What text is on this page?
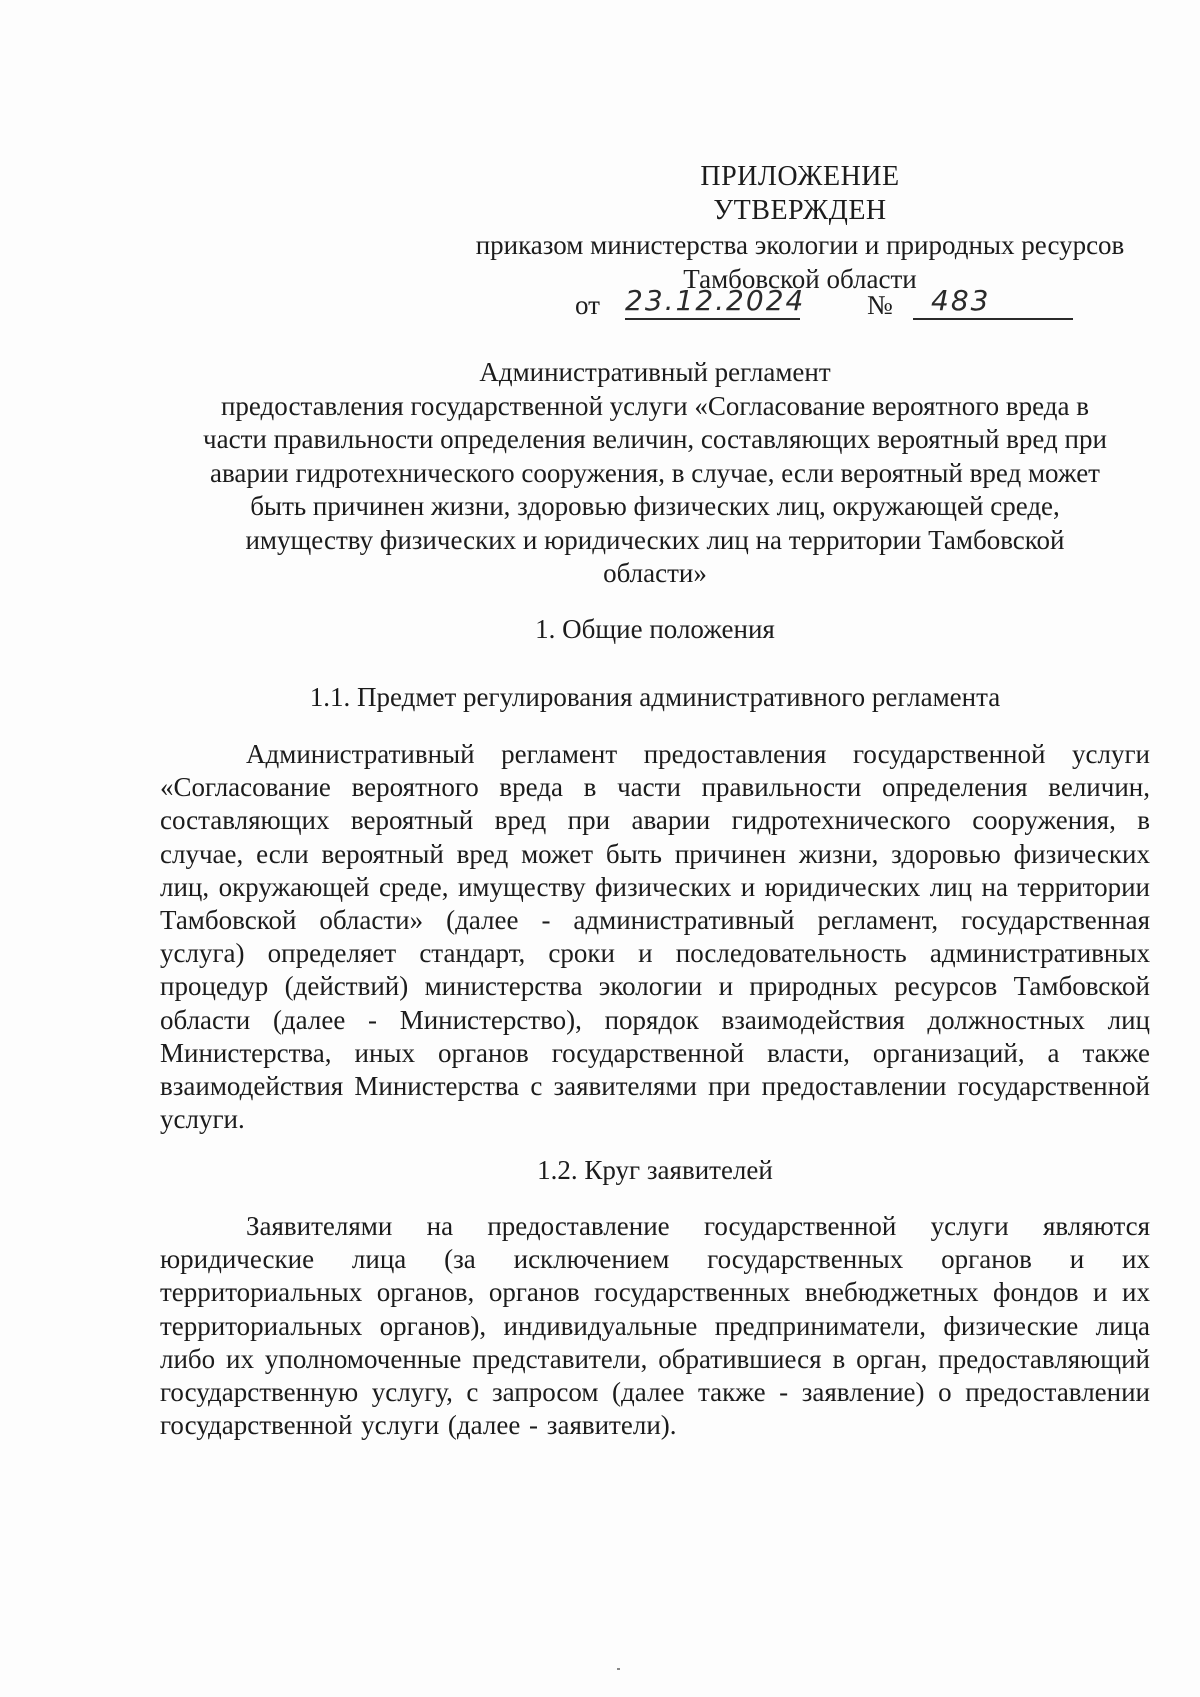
ПРИЛОЖЕНИЕ
УТВЕРЖДЕН
приказом министерства экологии и природных ресурсов
Тамбовской области
от 23.12.2024 №	483
Административный регламент
предоставления государственной услуги «Согласование вероятного вреда в
части правильности определения величин, составляющих вероятный вред при
аварии гидротехнического сооружения, в случае, если вероятный вред может
быть причинен жизни, здоровью физических лиц, окружающей среде,
имуществу физических и юридических лиц на территории Тамбовской
области»
1. Общие положения
1.1. Предмет регулирования административного регламента
Административный регламент предоставления государственной услуги «Согласование вероятного вреда в части правильности определения величин, составляющих вероятный вред при аварии гидротехнического сооружения, в случае, если вероятный вред может быть причинен жизни, здоровью физических лиц, окружающей среде, имуществу физических и юридических лиц на территории Тамбовской области» (далее - административный регламент, государственная услуга) определяет стандарт, сроки и последовательность административных процедур (действий) министерства экологии и природных ресурсов Тамбовской области (далее - Министерство), порядок взаимодействия должностных лиц Министерства, иных органов государственной власти, организаций, а также взаимодействия Министерства с заявителями при предоставлении государственной услуги.
1.2. Круг заявителей
Заявителями на предоставление государственной услуги являются юридические лица (за исключением государственных органов и их территориальных органов, органов государственных внебюджетных фондов и их территориальных органов), индивидуальные предприниматели, физические лица либо их уполномоченные представители, обратившиеся в орган, предоставляющий государственную услугу, с запросом (далее также - заявление) о предоставлении государственной услуги (далее - заявители).
